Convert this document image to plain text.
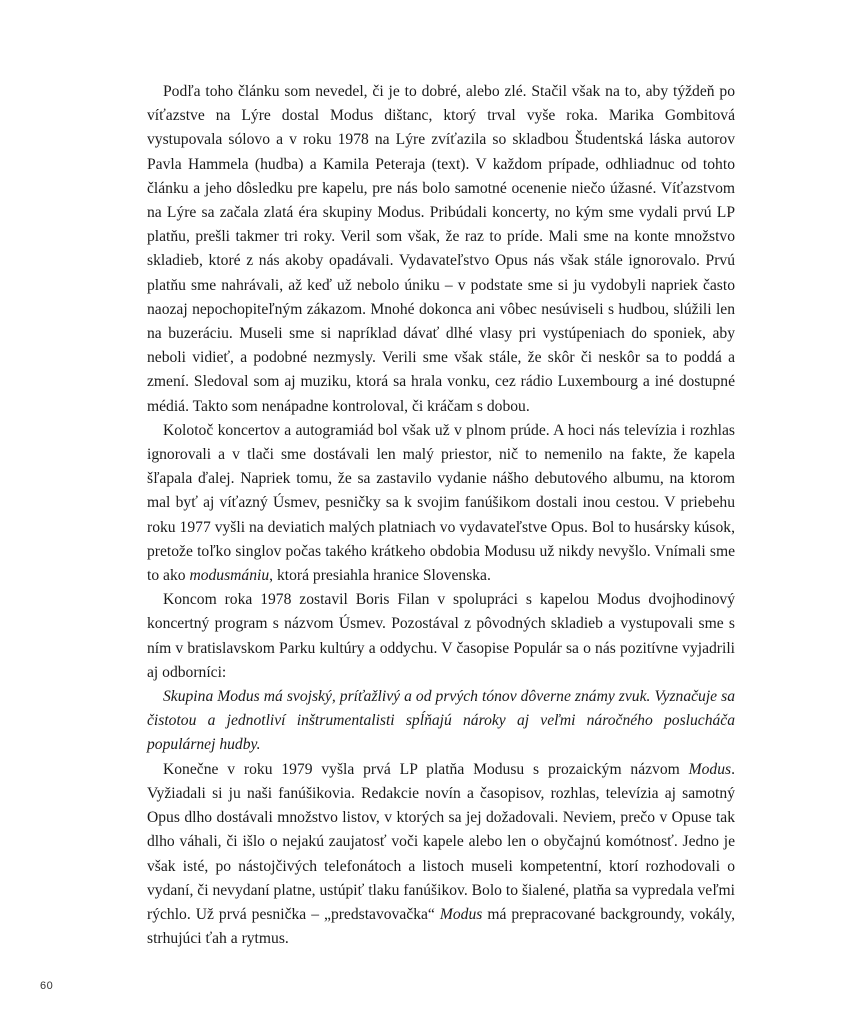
Podľa toho článku som nevedel, či je to dobré, alebo zlé. Stačil však na to, aby týždeň po víťazstve na Lýre dostal Modus dištanc, ktorý trval vyše roka. Marika Gombitová vystupovala sólovo a v roku 1978 na Lýre zvíťazila so skladbou Študentská láska autorov Pavla Hammela (hudba) a Kamila Peteraja (text). V každom prípade, odhliadnuc od tohto článku a jeho dôsledku pre kapelu, pre nás bolo samotné ocenenie niečo úžasné. Víťazstvom na Lýre sa začala zlatá éra skupiny Modus. Pribúdali koncerty, no kým sme vydali prvú LP platňu, prešli takmer tri roky. Veril som však, že raz to príde. Mali sme na konte množstvo skladieb, ktoré z nás akoby opadávali. Vydavateľstvo Opus nás však stále ignorovalo. Prvú platňu sme nahrávali, až keď už nebolo úniku – v podstate sme si ju vydobyli napriek často naozaj nepochopiteľným zákazom. Mnohé dokonca ani vôbec nesúviseli s hudbou, slúžili len na buzeráciu. Museli sme si napríklad dávať dlhé vlasy pri vystúpeniach do sponiek, aby neboli vidieť, a podobné nezmysly. Verili sme však stále, že skôr či neskôr sa to poddá a zmení. Sledoval som aj muziku, ktorá sa hrala vonku, cez rádio Luxembourg a iné dostupné médiá. Takto som nenápadne kontroloval, či kráčam s dobou.

Kolotoč koncertov a autogramiád bol však už v plnom prúde. A hoci nás televízia i rozhlas ignorovali a v tlači sme dostávali len malý priestor, nič to nemenilo na fakte, že kapela šľapala ďalej. Napriek tomu, že sa zastavilo vydanie nášho debutového albumu, na ktorom mal byť aj víťazný Úsmev, pesničky sa k svojim fanúšikom dostali inou cestou. V priebehu roku 1977 vyšli na deviatich malých platniach vo vydavateľstve Opus. Bol to husársky kúsok, pretože toľko singlov počas takého krátkeho obdobia Modusu už nikdy nevyšlo. Vnímali sme to ako modusmániu, ktorá presiahla hranice Slovenska.

Koncom roka 1978 zostavil Boris Filan v spolupráci s kapelou Modus dvojhodinový koncertný program s názvom Úsmev. Pozostával z pôvodných skladieb a vystupovali sme s ním v bratislavskom Parku kultúry a oddychu. V časopise Populár sa o nás pozitívne vyjadrili aj odborníci:

Skupina Modus má svojský, príťažlivý a od prvých tónov dôverne známy zvuk. Vyznačuje sa čistotou a jednotliví inštrumentalisti spĺňajú nároky aj veľmi náročného poslucháča populárnej hudby.

Konečne v roku 1979 vyšla prvá LP platňa Modusu s prozaickým názvom Modus. Vyžiadali si ju naši fanúšikovia. Redakcie novín a časopisov, rozhlas, televízia aj samotný Opus dlho dostávali množstvo listov, v ktorých sa jej dožadovali. Neviem, prečo v Opuse tak dlho váhali, či išlo o nejakú zaujatosť voči kapele alebo len o obyčajnú komótnosť. Jedno je však isté, po nástojčivých telefonátoch a listoch museli kompetentní, ktorí rozhodovali o vydaní, či nevydaní platne, ustúpiť tlaku fanúšikov. Bolo to šialené, platňa sa vypredala veľmi rýchlo. Už prvá pesnička – „predstavovačka“ Modus má prepracované backgroundy, vokály, strhujúci ťah a rytmus.

60
